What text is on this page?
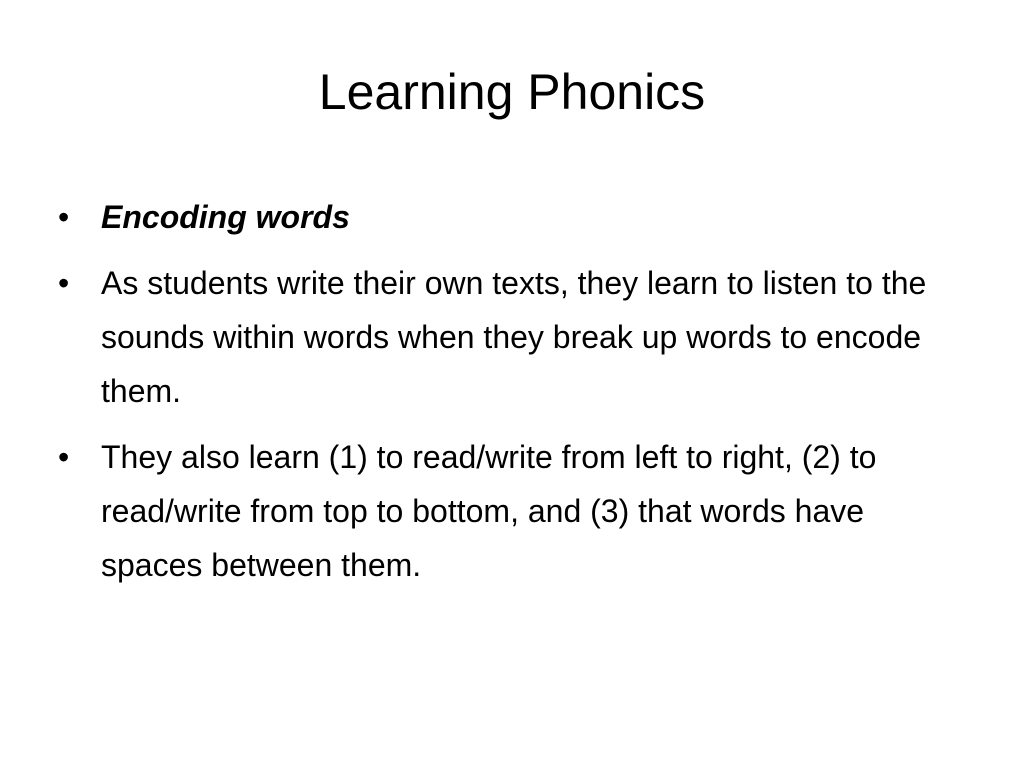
Learning Phonics
• Encoding words
• As students write their own texts, they learn to listen to the sounds within words when they break up words to encode them.
• They also learn (1) to read/write from left to right, (2) to read/write from top to bottom, and (3) that words have spaces between them.
